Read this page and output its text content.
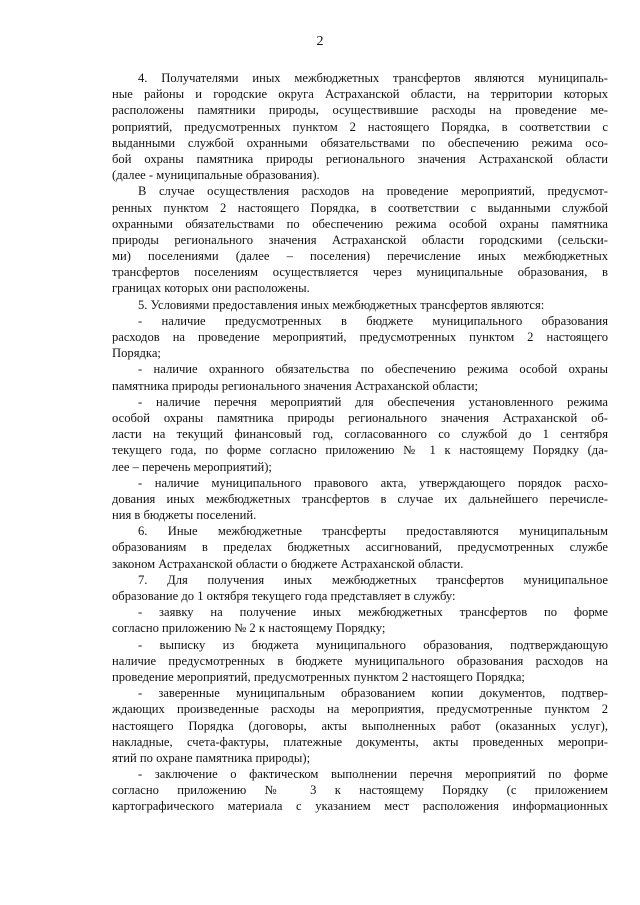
2
4. Получателями иных межбюджетных трансфертов являются муниципаль-
ные районы и городские округа Астраханской области, на территории которых
расположены памятники природы, осуществившие расходы на проведение ме-
роприятий, предусмотренных пунктом 2 настоящего Порядка, в соответствии с
выданными службой охранными обязательствами по обеспечению режима осо-
бой охраны памятника природы регионального значения Астраханской области
(далее - муниципальные образования).
В случае осуществления расходов на проведение мероприятий, предусмот-
ренных пунктом 2 настоящего Порядка, в соответствии с выданными службой
охранными обязательствами по обеспечению режима особой охраны памятника
природы регионального значения Астраханской области городскими (сельски-
ми) поселениями (далее – поселения) перечисление иных межбюджетных
трансфертов поселениям осуществляется через муниципальные образования, в
границах которых они расположены.
5. Условиями предоставления иных межбюджетных трансфертов являются:
- наличие предусмотренных в бюджете муниципального образования
расходов на проведение мероприятий, предусмотренных пунктом 2 настоящего
Порядка;
- наличие охранного обязательства по обеспечению режима особой охраны
памятника природы регионального значения Астраханской области;
- наличие перечня мероприятий для обеспечения установленного режима
особой охраны памятника природы регионального значения Астраханской об-
ласти на текущий финансовый год, согласованного со службой до 1 сентября
текущего года, по форме согласно приложению № 1 к настоящему Порядку (да-
лее – перечень мероприятий);
- наличие муниципального правового акта, утверждающего порядок расхо-
дования иных межбюджетных трансфертов в случае их дальнейшего перечисле-
ния в бюджеты поселений.
6. Иные межбюджетные трансферты предоставляются муниципальным
образованиям в пределах бюджетных ассигнований, предусмотренных службе
законом Астраханской области о бюджете Астраханской области.
7. Для получения иных межбюджетных трансфертов муниципальное
образование до 1 октября текущего года представляет в службу:
- заявку на получение иных межбюджетных трансфертов по форме
согласно приложению № 2 к настоящему Порядку;
- выписку из бюджета муниципального образования, подтверждающую
наличие предусмотренных в бюджете муниципального образования расходов на
проведение мероприятий, предусмотренных пунктом 2 настоящего Порядка;
- заверенные муниципальным образованием копии документов, подтвер-
ждающих произведенные расходы на мероприятия, предусмотренные пунктом 2
настоящего Порядка (договоры, акты выполненных работ (оказанных услуг),
накладные, счета-фактуры, платежные документы, акты проведенных меропри-
ятий по охране памятника природы);
- заключение о фактическом выполнении перечня мероприятий по форме
согласно приложению № 3 к настоящему Порядку (с приложением
картографического материала с указанием мест расположения информационных
